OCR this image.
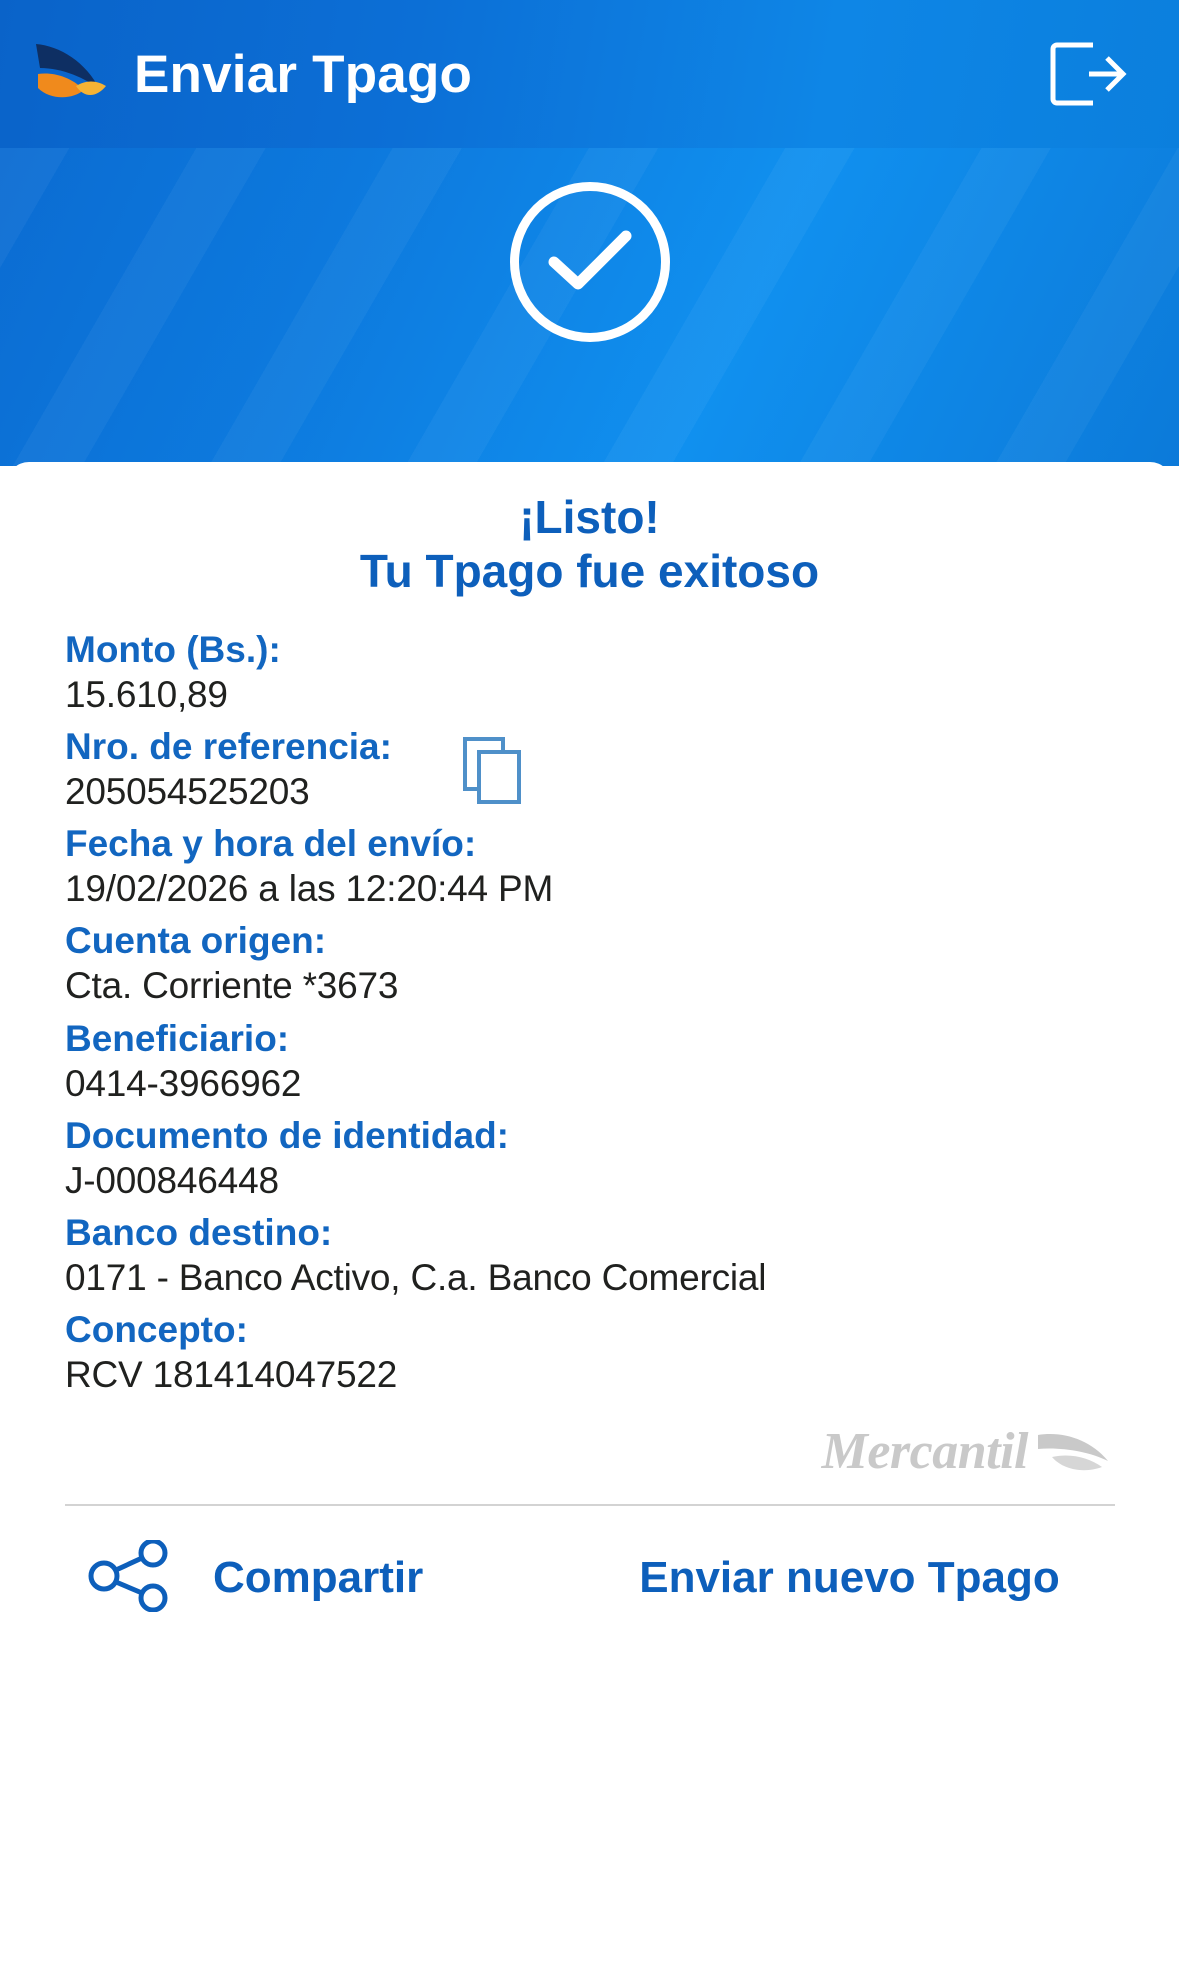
Enviar Tpago
¡Listo!
Tu Tpago fue exitoso
Monto (Bs.):
15.610,89
Nro. de referencia:
205054525203
Fecha y hora del envío:
19/02/2026 a las 12:20:44 PM
Cuenta origen:
Cta. Corriente *3673
Beneficiario:
0414-3966962
Documento de identidad:
J-000846448
Banco destino:
0171 - Banco Activo, C.a. Banco Comercial
Concepto:
RCV 181414047522
Mercantil
Compartir	Enviar nuevo Tpago
